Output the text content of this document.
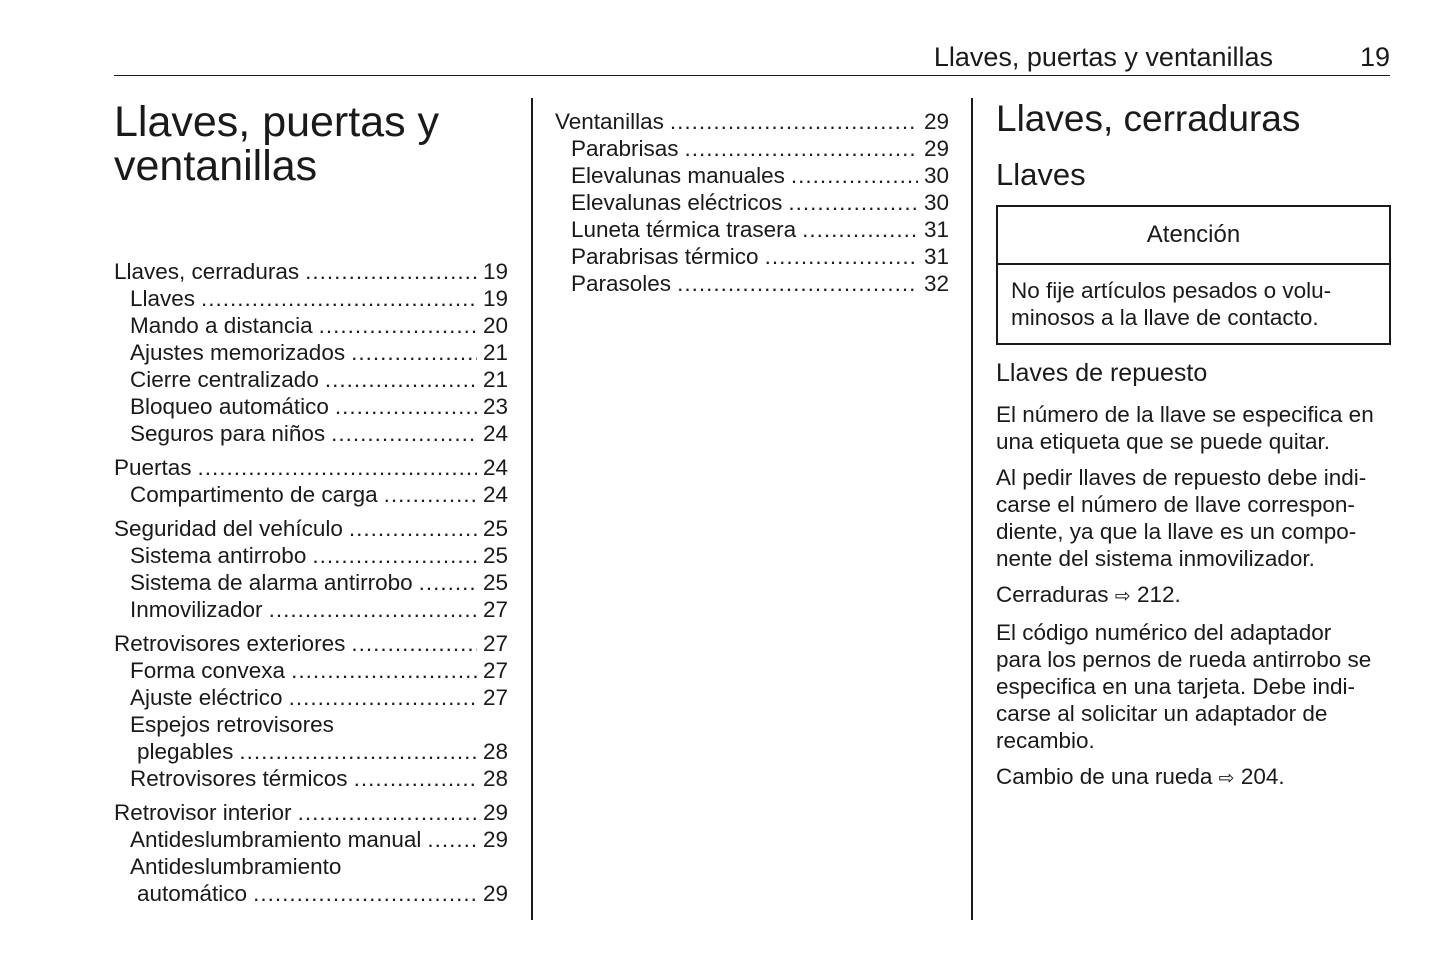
Llaves, puertas y ventanillas	19
Llaves, puertas y
ventanillas
Llaves, cerraduras .....	19
Llaves .....	19
Mando a distancia .....	20
Ajustes memorizados .....	21
Cierre centralizado .....	21
Bloqueo automático .....	23
Seguros para niños .....	24
Puertas .....	24
Compartimento de carga .....	24
Seguridad del vehículo .....	25
Sistema antirrobo .....	25
Sistema de alarma antirrobo .....	25
Inmovilizador .....	27
Retrovisores exteriores .....	27
Forma convexa .....	27
Ajuste eléctrico .....	27
Espejos retrovisores
plegables .....	28
Retrovisores térmicos .....	28
Retrovisor interior .....	29
Antideslumbramiento manual .....	29
Antideslumbramiento
automático .....	29
Ventanillas .....	29
Parabrisas .....	29
Elevalunas manuales .....	30
Elevalunas eléctricos .....	30
Luneta térmica trasera .....	31
Parabrisas térmico .....	31
Parasoles .....	32
Llaves, cerraduras
Llaves
Atención
No fije artículos pesados o volu-
minosos a la llave de contacto.
Llaves de repuesto
El número de la llave se especifica en
una etiqueta que se puede quitar.
Al pedir llaves de repuesto debe indi-
carse el número de llave correspon-
diente, ya que la llave es un compo-
nente del sistema inmovilizador.
Cerraduras ⇨ 212.
El código numérico del adaptador
para los pernos de rueda antirrobo se
especifica en una tarjeta. Debe indi-
carse al solicitar un adaptador de
recambio.
Cambio de una rueda ⇨ 204.
